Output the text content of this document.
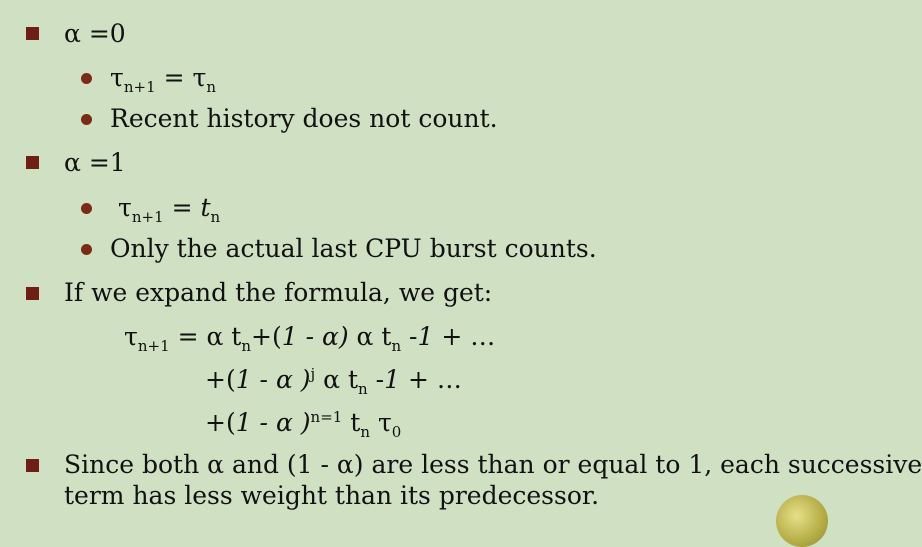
α =0
$\tau_{n+1} = \tau_n$
Recent history does not count.
α =1
$\tau_{n+1} = t_n$
Only the actual last CPU burst counts.
If we expand the formula, we get:
$\tau_{n+1} = \alpha$ $t_n+(1 - \alpha)$ α $t_n$ -1 + …
+(1 - α )$^j$ α $t_n$ -1 + …
+(1 - α )$^{n=1}$ $t_n$ $\tau_0$
Since both α and (1 - α) are less than or equal to 1, each successive
term has less weight than its predecessor.
